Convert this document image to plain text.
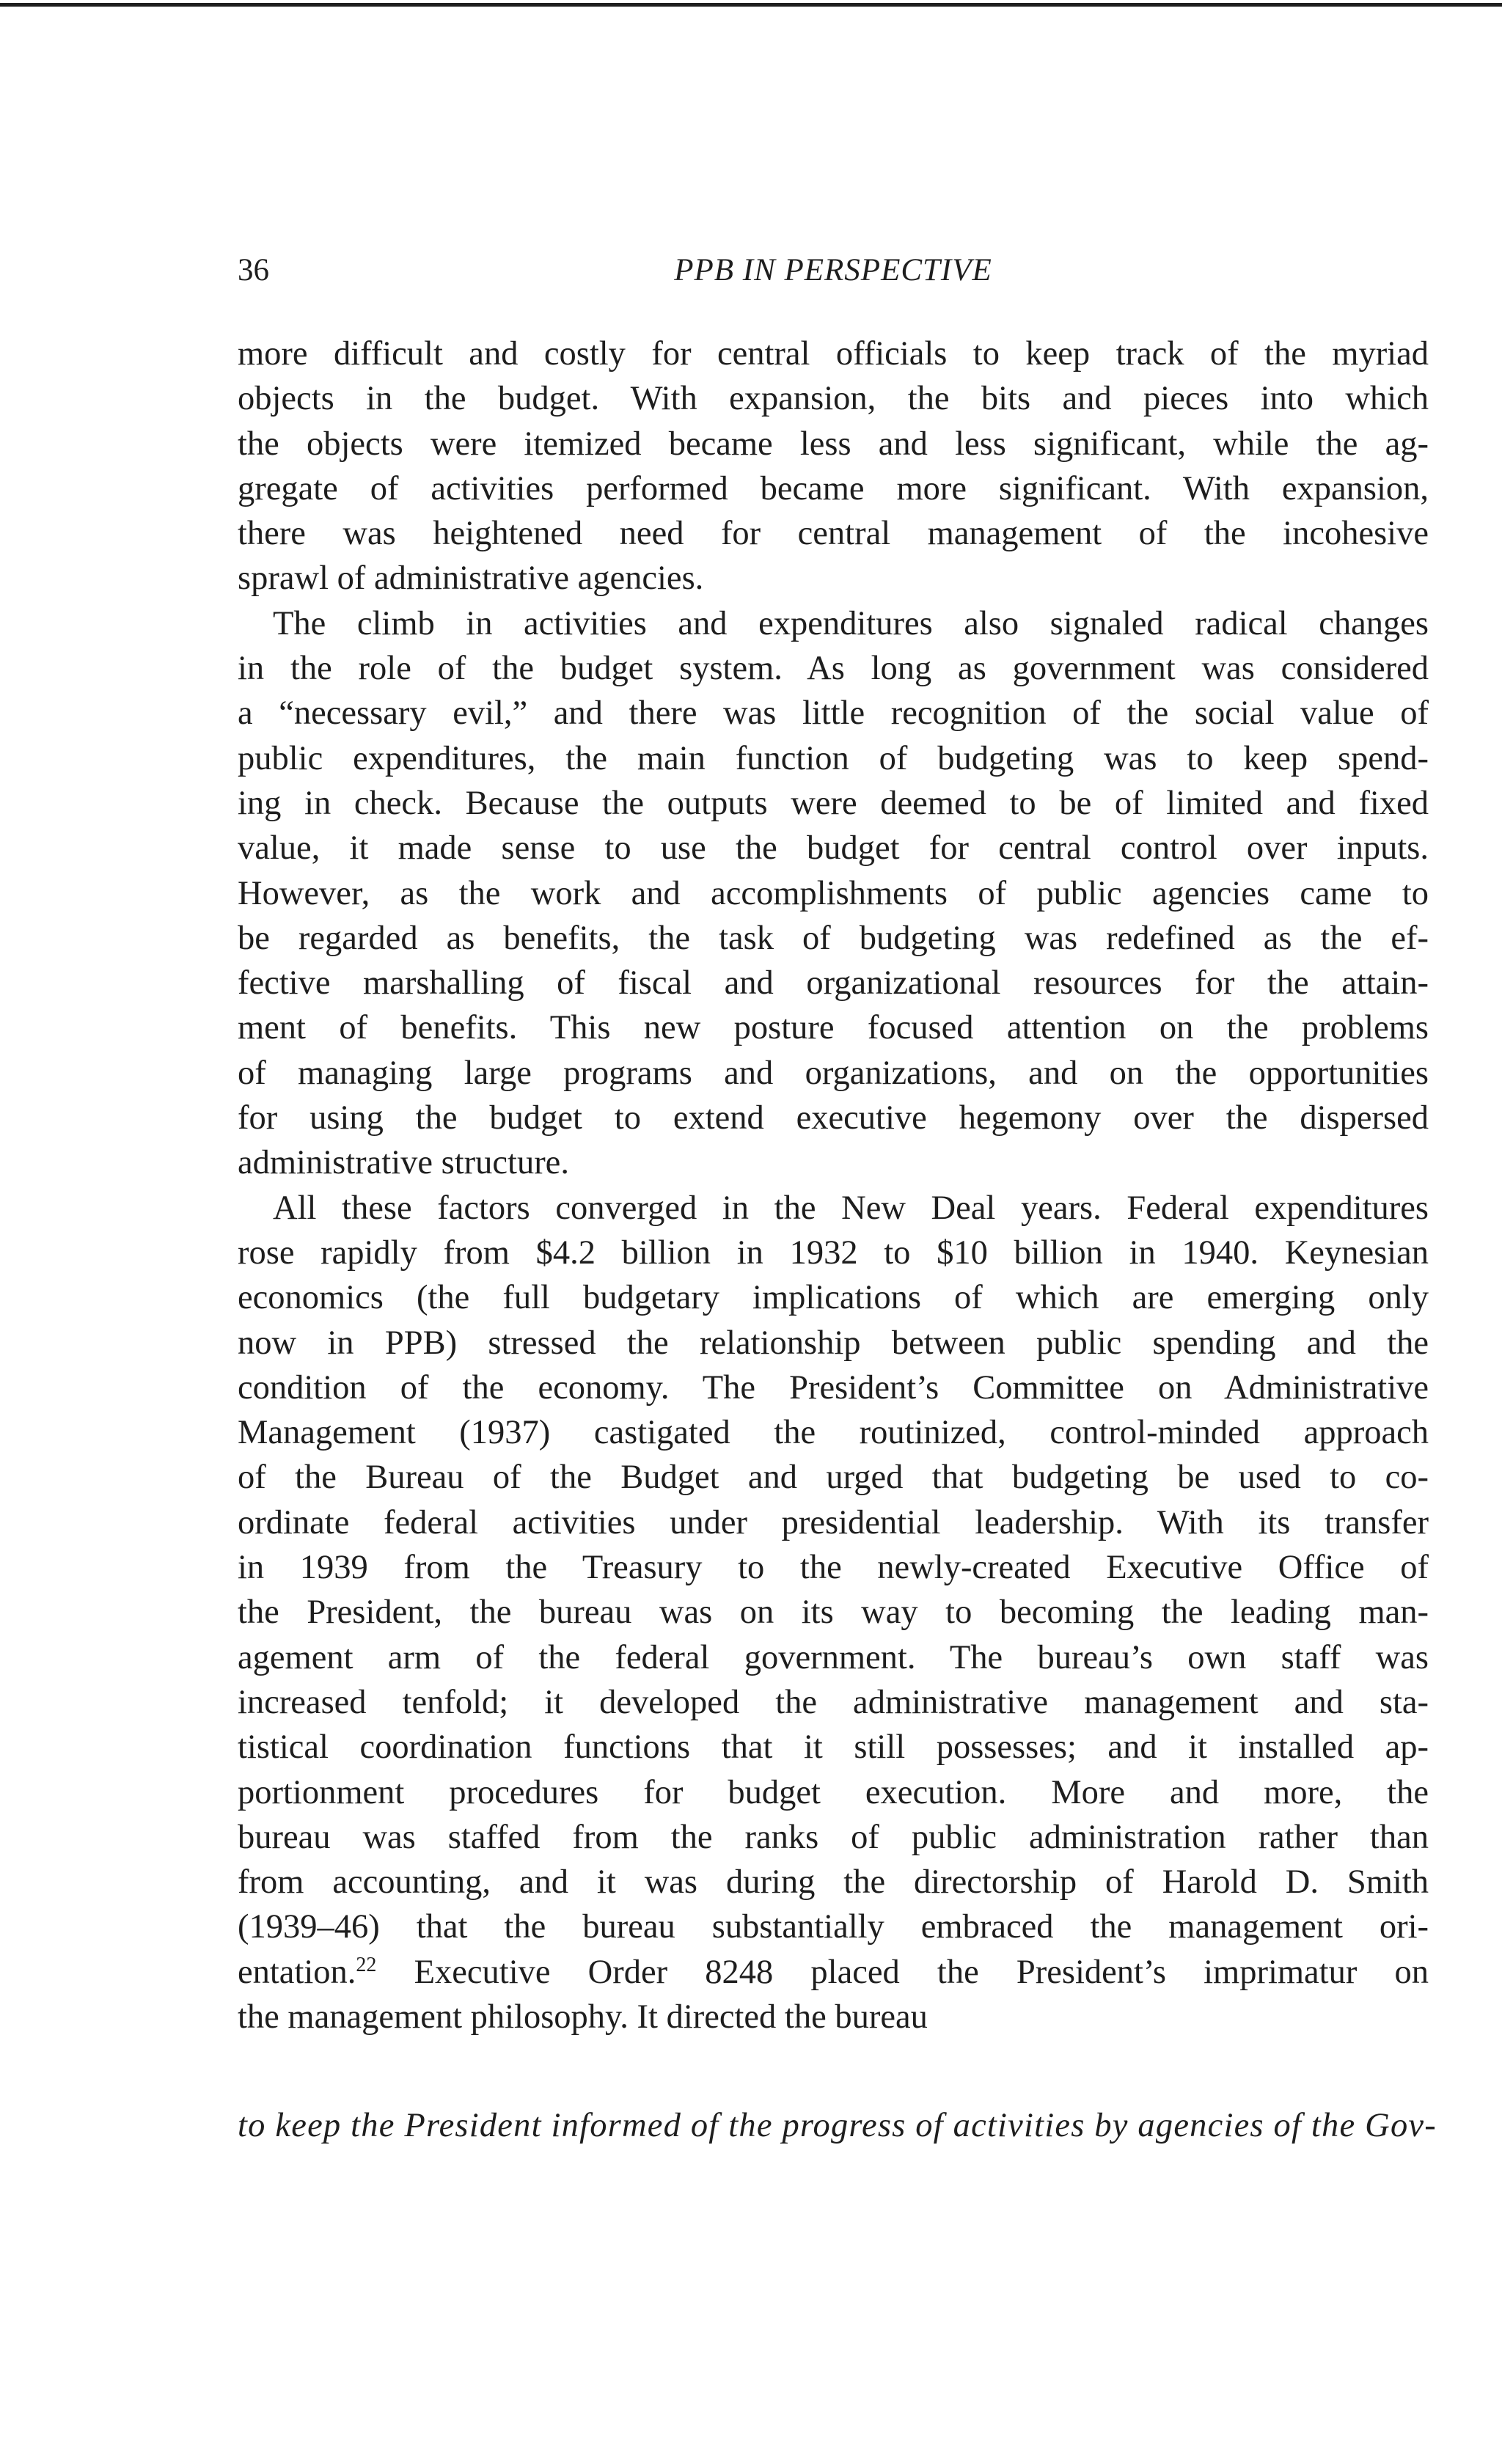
36	PPB IN PERSPECTIVE
more difficult and costly for central officials to keep track of the myriad
objects in the budget. With expansion, the bits and pieces into which
the objects were itemized became less and less significant, while the ag-
gregate of activities performed became more significant. With expansion,
there was heightened need for central management of the incohesive
sprawl of administrative agencies.
The climb in activities and expenditures also signaled radical changes
in the role of the budget system. As long as government was considered
a “necessary evil,” and there was little recognition of the social value of
public expenditures, the main function of budgeting was to keep spend-
ing in check. Because the outputs were deemed to be of limited and fixed
value, it made sense to use the budget for central control over inputs.
However, as the work and accomplishments of public agencies came to
be regarded as benefits, the task of budgeting was redefined as the ef-
fective marshalling of fiscal and organizational resources for the attain-
ment of benefits. This new posture focused attention on the problems
of managing large programs and organizations, and on the opportunities
for using the budget to extend executive hegemony over the dispersed
administrative structure.
All these factors converged in the New Deal years. Federal expenditures
rose rapidly from $4.2 billion in 1932 to $10 billion in 1940. Keynesian
economics (the full budgetary implications of which are emerging only
now in PPB) stressed the relationship between public spending and the
condition of the economy. The President’s Committee on Administrative
Management (1937) castigated the routinized, control-minded approach
of the Bureau of the Budget and urged that budgeting be used to co-
ordinate federal activities under presidential leadership. With its transfer
in 1939 from the Treasury to the newly-created Executive Office of
the President, the bureau was on its way to becoming the leading man-
agement arm of the federal government. The bureau’s own staff was
increased tenfold; it developed the administrative management and sta-
tistical coordination functions that it still possesses; and it installed ap-
portionment procedures for budget execution. More and more, the
bureau was staffed from the ranks of public administration rather than
from accounting, and it was during the directorship of Harold D. Smith
(1939–46) that the bureau substantially embraced the management ori-
entation.$^{22}$ Executive Order 8248 placed the President’s imprimatur on
the management philosophy. It directed the bureau
to keep the President informed of the progress of activities by agencies of the Gov-
